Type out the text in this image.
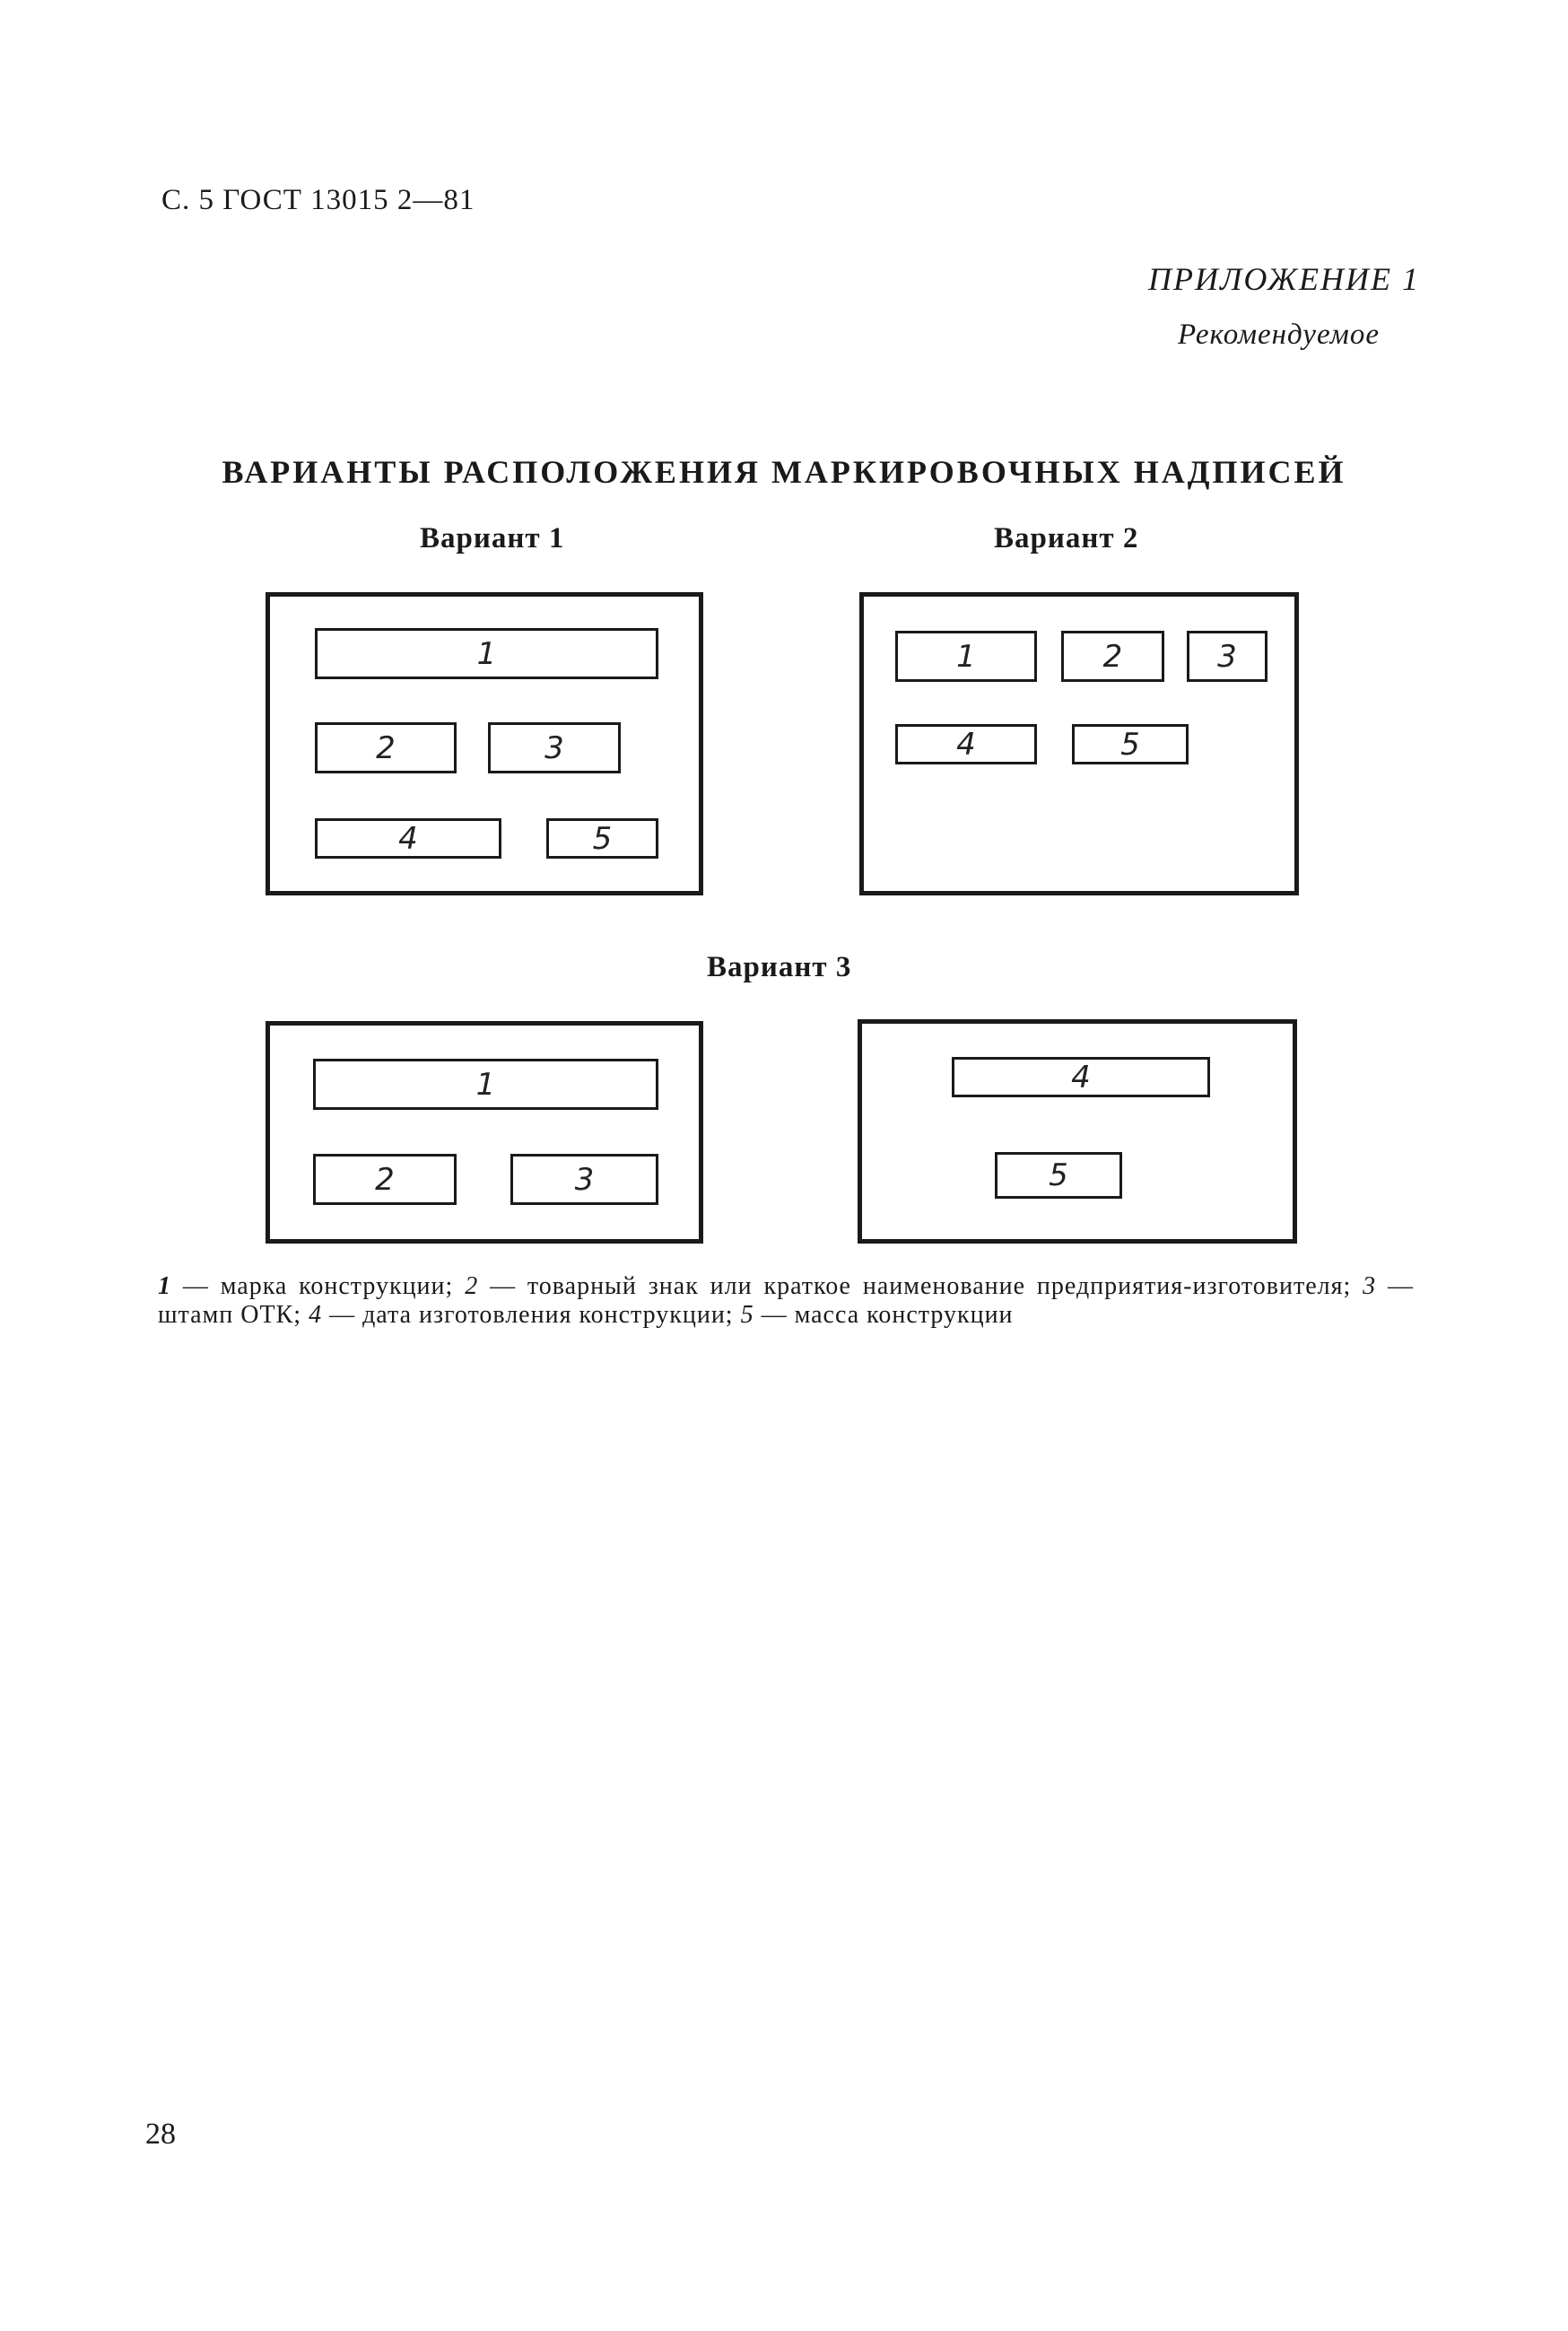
С. 5 ГОСТ 13015 2—81
ПРИЛОЖЕНИЕ 1
Рекомендуемое
ВАРИАНТЫ РАСПОЛОЖЕНИЯ МАРКИРОВОЧНЫХ НАДПИСЕЙ
Вариант 1
1
2	3
4	5
Вариант 2
1	2	3
4	5
Вариант 3
1
2	3
4
5
1 — марка конструкции; 2 — товарный знак или краткое наименование предприятия-изготовителя; 3 — штамп ОТК; 4 — дата изготовления конструкции; 5 — масса конструкции
28
